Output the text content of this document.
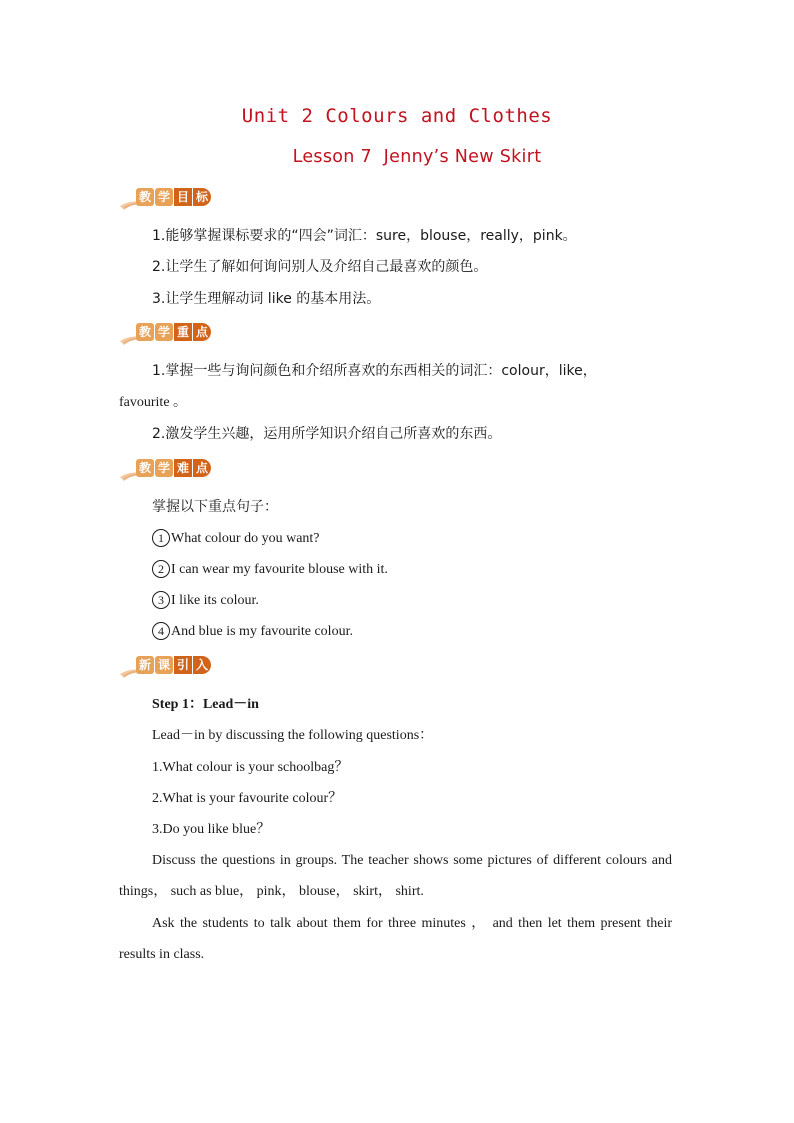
Unit 2 Colours and Clothes
Lesson 7  Jenny’s New Skirt
教 学 目 标
1.能够掌握课标要求的“四会”词汇：sure，blouse，really，pink。
2.让学生了解如何询问别人及介绍自己最喜欢的颜色。
3.让学生理解动词 like 的基本用法。
教 学 重 点
1.掌握一些与询问颜色和介绍所喜欢的东西相关的词汇：colour，like，
favourite 。
2.激发学生兴趣，运用所学知识介绍自己所喜欢的东西。
教 学 难 点
掌握以下重点句子：
1 What colour do you want?
2 I can wear my favourite blouse with it.
3 I like its colour.
4 And blue is my favourite colour.
新 课 引 入
Step 1：Lead－in
Lead－in by discussing the following questions：
1.What colour is your schoolbag？
2.What is your favourite colour？
3.Do you like blue？

Discuss the questions in groups. The teacher shows some pictures of different colours and things， such as blue， pink， blouse， skirt， shirt.

Ask the students to talk about them for three minutes ， and then let them present their results in class.
